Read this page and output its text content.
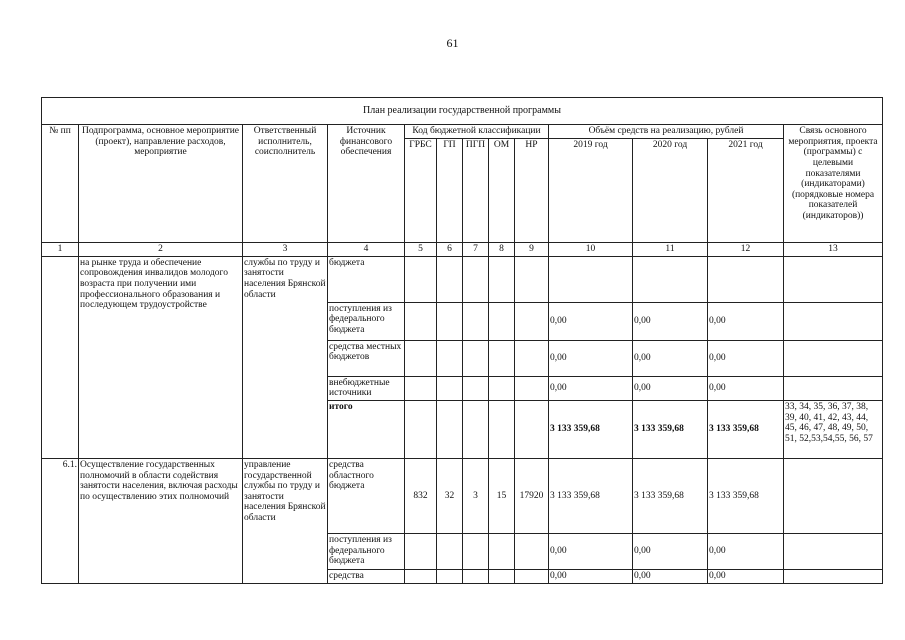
61
План реализации государственной программы												
№ пп	Подпрограмма, основное мероприятие (проект), направление расходов, мероприятие	Ответственный исполнитель, соисполнитель	Источник финансового обеспечения	Код бюджетной классификации					Объём средств на реализацию, рублей			Связь основного мероприятия, проекта (программы) с целевыми показателями (индикаторами) (порядковые номера показателей (индикаторов))
				ГРБС	ГП	ПГП	ОМ	НР	2019 год	2020 год	2021 год	
1	2	3	4	5	6	7	8	9	10	11	12	13
	на рынке труда и обеспечение сопровождения инвалидов молодого возраста при получении ими профессионального образования и последующем трудоустройстве	службы по труду и занятости населения Брянской области	бюджета									
			поступления из федерального бюджета						0,00	0,00	0,00	
			средства местных бюджетов						0,00	0,00	0,00	
			внебюджетные источники						0,00	0,00	0,00	
			итого						3 133 359,68	3 133 359,68	3 133 359,68	33, 34, 35, 36, 37, 38, 39, 40, 41, 42, 43, 44, 45, 46, 47, 48, 49, 50, 51, 52,53,54,55, 56, 57
6.1.	Осуществление государственных полномочий в области содействия занятости населения, включая расходы по осуществлению этих полномочий	управление государственной службы по труду и занятости населения Брянской области	средства областного бюджета	832	32	3	15	17920	3 133 359,68	3 133 359,68	3 133 359,68	
			поступления из федерального бюджета						0,00	0,00	0,00	
			средства						0,00	0,00	0,00	
